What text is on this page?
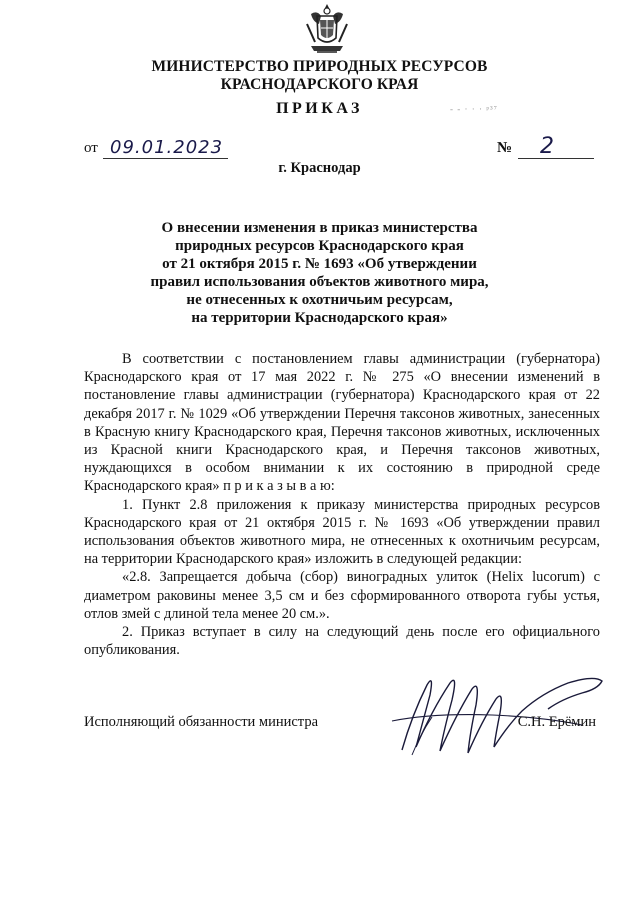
МИНИСТЕРСТВО ПРИРОДНЫХ РЕСУРСОВ
КРАСНОДАРСКОГО КРАЯ
ПРИКАЗ	- - · · · ᵖ³⁷
от 09.01.2023	№ 2
г. Краснодар
О внесении изменения в приказ министерства
природных ресурсов Краснодарского края
от 21 октября 2015 г. № 1693 «Об утверждении
правил использования объектов животного мира,
не отнесенных к охотничьим ресурсам,
на территории Краснодарского края»

В соответствии с постановлением главы администрации (губернатора) Краснодарского края от 17 мая 2022 г. № 275 «О внесении изменений в постановление главы администрации (губернатора) Краснодарского края от 22 декабря 2017 г. № 1029 «Об утверждении Перечня таксонов животных, занесенных в Красную книгу Краснодарского края, Перечня таксонов животных, исключенных из Красной книги Краснодарского края, и Перечня таксонов животных, нуждающихся в особом внимании к их состоянию в природной среде Краснодарского края» п р и к а з ы в а ю:

1. Пункт 2.8 приложения к приказу министерства природных ресурсов Краснодарского края от 21 октября 2015 г. № 1693 «Об утверждении правил использования объектов животного мира, не отнесенных к охотничьим ресурсам, на территории Краснодарского края» изложить в следующей редакции:

«2.8. Запрещается добыча (сбор) виноградных улиток (Helix lucorum) с диаметром раковины менее 3,5 см и без сформированного отворота губы устья, отлов змей с длиной тела менее 20 см.».

2. Приказ вступает в силу на следующий день после его официального опубликования.

Исполняющий обязанности министра	С.Н. Ерёмин
